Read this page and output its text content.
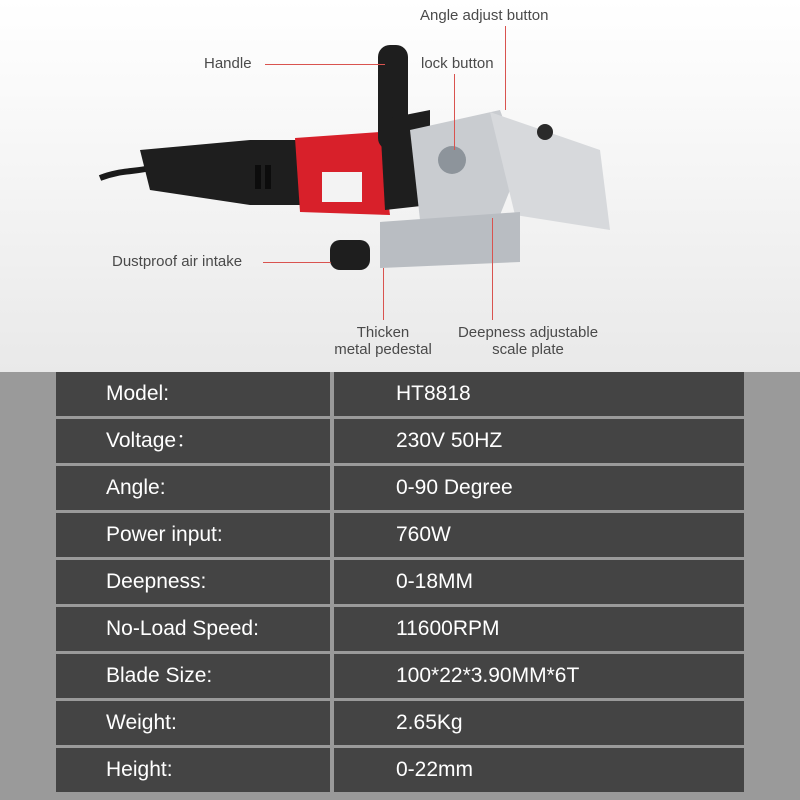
Angle adjust button
Handle	lock button
Dustproof air intake
Thicken
metal pedestal
Deepness adjustable
scale plate
Model:	HT8818
Voltage：	230V 50HZ
Angle:	0-90 Degree
Power input:	760W
Deepness:	0-18MM
No-Load Speed:	11600RPM
Blade Size:	100*22*3.90MM*6T
Weight:	2.65Kg
Height:	0-22mm
